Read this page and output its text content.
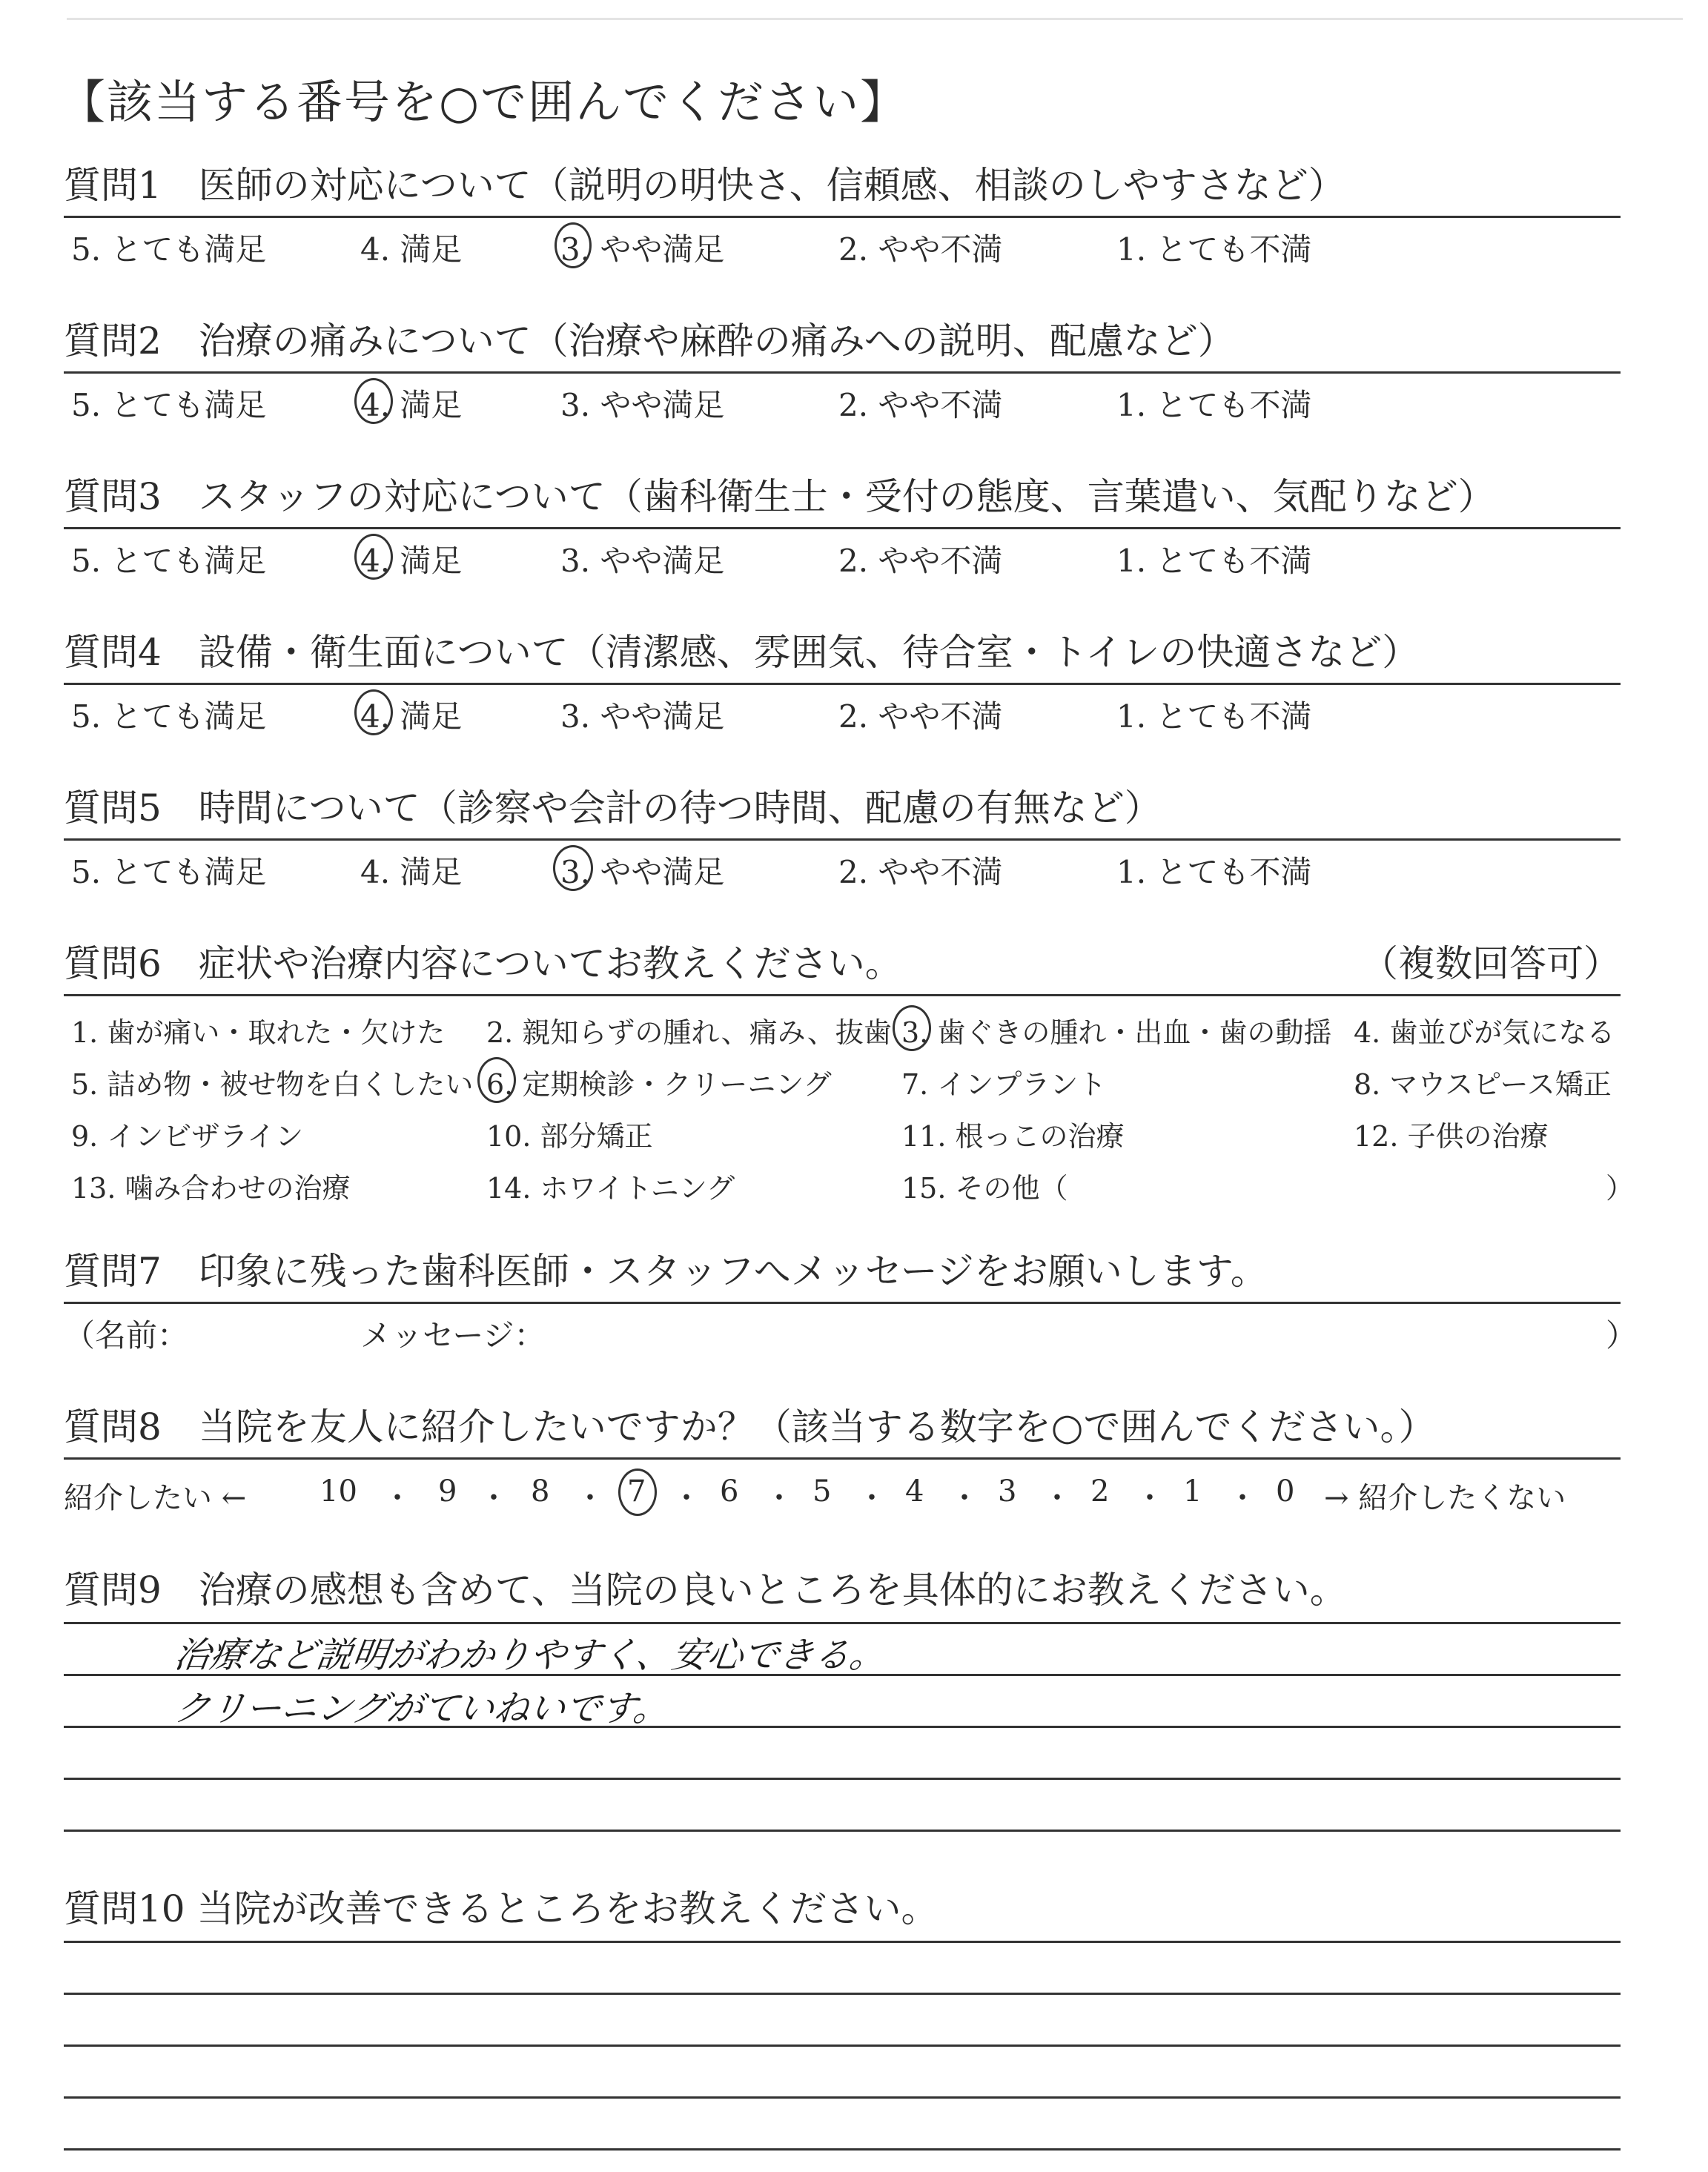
【該当する番号を○で囲んでください】
質問1　医師の対応について（説明の明快さ、信頼感、相談のしやすさなど）
5. とても満足	4. 満足	3. やや満足	2. やや不満	1. とても不満
質問2　治療の痛みについて（治療や麻酔の痛みへの説明、配慮など）
5. とても満足	4. 満足	3. やや満足	2. やや不満	1. とても不満
質問3　スタッフの対応について（歯科衛生士・受付の態度、言葉遣い、気配りなど）
5. とても満足	4. 満足	3. やや満足	2. やや不満	1. とても不満
質問4　設備・衛生面について（清潔感、雰囲気、待合室・トイレの快適さなど）
5. とても満足	4. 満足	3. やや満足	2. やや不満	1. とても不満
質問5　時間について（診察や会計の待つ時間、配慮の有無など）
5. とても満足	4. 満足	3. やや満足	2. やや不満	1. とても不満
質問6　症状や治療内容についてお教えください。	（複数回答可）
1. 歯が痛い・取れた・欠けた 2. 親知らずの腫れ、痛み、抜歯 3. 歯ぐきの腫れ・出血・歯の動揺 4. 歯並びが気になる
5. 詰め物・被せ物を白くしたい 6. 定期検診・クリーニング 7. インプラント	8. マウスピース矯正
9. インビザライン	10. 部分矯正	11. 根っこの治療	12. 子供の治療
13. 噛み合わせの治療	14. ホワイトニング	15. その他（	）
質問7　印象に残った歯科医師・スタッフへメッセージをお願いします。
（名前：	メッセージ：	）
質問8　当院を友人に紹介したいですか？（該当する数字を○で囲んでください。）
紹介したい ← 10 ・ 9 ・ 8 ・ 7 ・ 6 ・ 5 ・ 4 ・ 3 ・ 2 ・ 1 ・ 0 → 紹介したくない
質問9　治療の感想も含めて、当院の良いところを具体的にお教えください。
治療など説明がわかりやすく、安心できる。
クリーニングがていねいです。
質問10 当院が改善できるところをお教えください。
